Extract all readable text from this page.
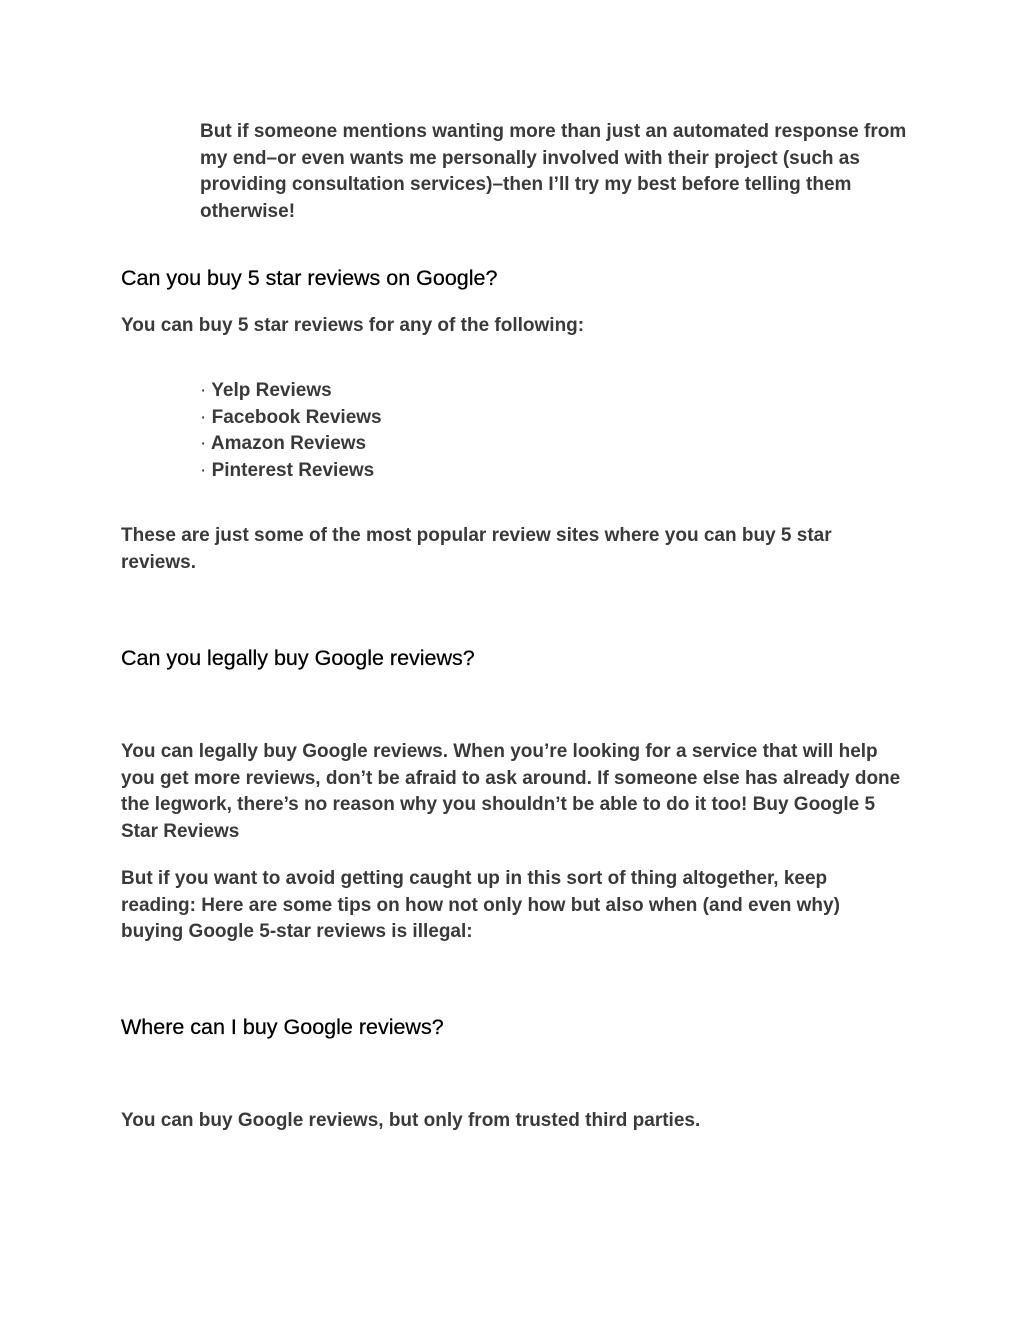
But if someone mentions wanting more than just an automated response from my end–or even wants me personally involved with their project (such as providing consultation services)–then I’ll try my best before telling them otherwise!

Can you buy 5 star reviews on Google?

You can buy 5 star reviews for any of the following:

· Yelp Reviews
· Facebook Reviews
· Amazon Reviews
· Pinterest Reviews

These are just some of the most popular review sites where you can buy 5 star reviews.

Can you legally buy Google reviews?

You can legally buy Google reviews. When you’re looking for a service that will help you get more reviews, don’t be afraid to ask around. If someone else has already done the legwork, there’s no reason why you shouldn’t be able to do it too! Buy Google 5 Star Reviews

But if you want to avoid getting caught up in this sort of thing altogether, keep reading: Here are some tips on how not only how but also when (and even why) buying Google 5-star reviews is illegal:

Where can I buy Google reviews?

You can buy Google reviews, but only from trusted third parties.
